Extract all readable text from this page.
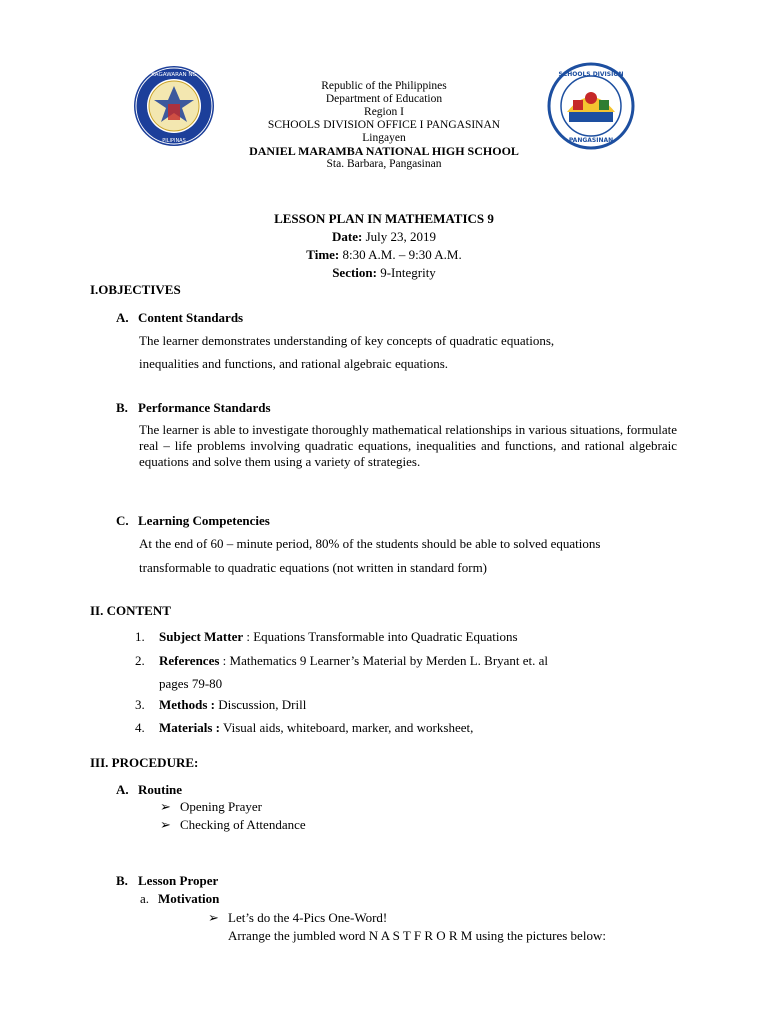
KAGAWARAN NG
PILIPINAS
SCHOOLS DIVISION
PANGASINAN
Republic of the Philippines
Department of Education
Region I
SCHOOLS DIVISION OFFICE I PANGASINAN
Lingayen
DANIEL MARAMBA NATIONAL HIGH SCHOOL
Sta. Barbara, Pangasinan
LESSON PLAN IN MATHEMATICS 9
Date: July 23, 2019
Time: 8:30 A.M. – 9:30 A.M.
Section: 9-Integrity
I.OBJECTIVES
A. Content Standards
The learner demonstrates understanding of key concepts of quadratic equations,
inequalities and functions, and rational algebraic equations.
B. Performance Standards
The learner is able to investigate thoroughly mathematical relationships in various situations, formulate real – life problems involving quadratic equations, inequalities and functions, and rational algebraic equations and solve them using a variety of strategies.
C. Learning Competencies
At the end of 60 – minute period, 80% of the students should be able to solved equations
transformable to quadratic equations (not written in standard form)
II. CONTENT
1. Subject Matter : Equations Transformable into Quadratic Equations
2. References : Mathematics 9 Learner’s Material by Merden L. Bryant et. al
pages 79-80
3. Methods : Discussion, Drill
4. Materials : Visual aids, whiteboard, marker, and worksheet,
III. PROCEDURE:
A. Routine
➢ Opening Prayer
➢ Checking of Attendance
B. Lesson Proper
a. Motivation
➢ Let’s do the 4-Pics One-Word!
Arrange the jumbled word N A S T F R O R M using the pictures below:
